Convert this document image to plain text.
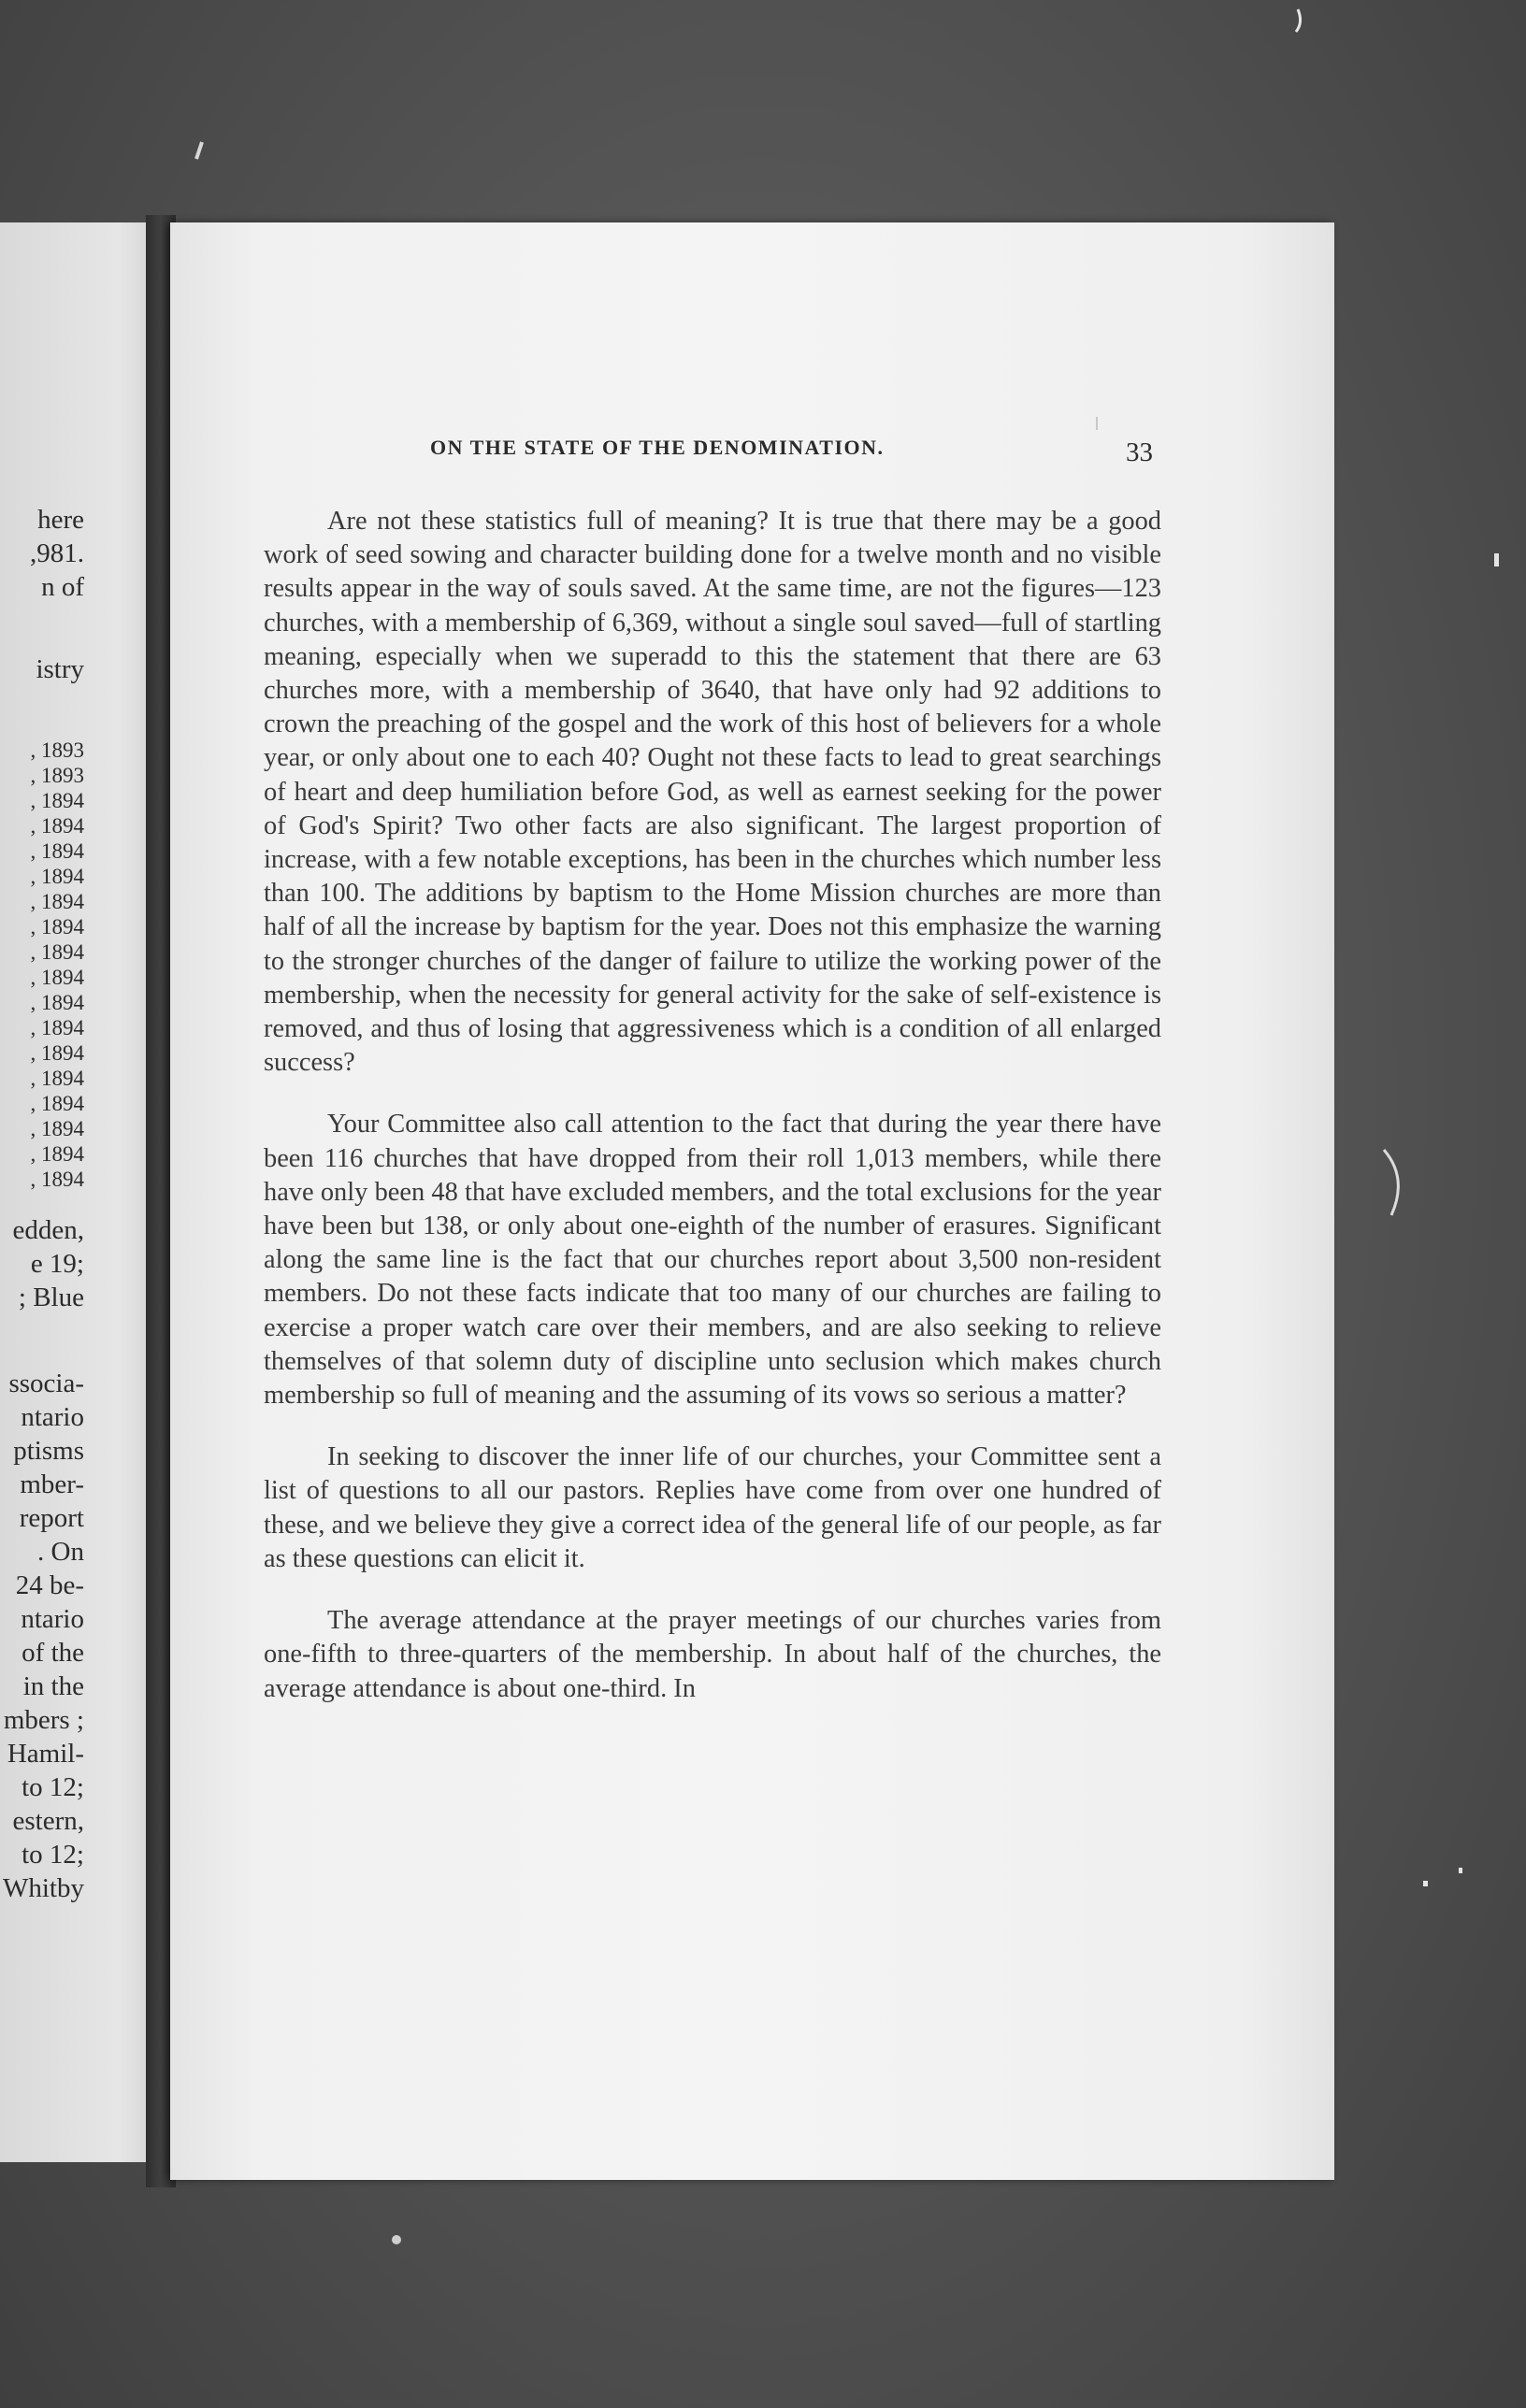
here
,981.
n of
istry
, 1893
, 1893
, 1894
, 1894
, 1894
, 1894
, 1894
, 1894
, 1894
, 1894
, 1894
, 1894
, 1894
, 1894
, 1894
, 1894
, 1894
, 1894
edden,
e 19;
; Blue
ssocia-
ntario
ptisms
mber-
report
. On
24 be-
ntario
of the
in the
mbers ;
Hamil-
to 12;
estern,
to 12;
Whitby
ON THE STATE OF THE DENOMINATION.	33

Are not these statistics full of meaning? It is true that there may be a good work of seed sowing and character building done for a twelve month and no visible results appear in the way of souls saved. At the same time, are not the figures—123 churches, with a membership of 6,369, without a single soul saved—full of startling meaning, especially when we superadd to this the statement that there are 63 churches more, with a membership of 3640, that have only had 92 additions to crown the preaching of the gospel and the work of this host of believers for a whole year, or only about one to each 40? Ought not these facts to lead to great searchings of heart and deep humiliation before God, as well as earnest seeking for the power of God's Spirit? Two other facts are also significant. The largest proportion of increase, with a few notable exceptions, has been in the churches which number less than 100. The additions by baptism to the Home Mission churches are more than half of all the increase by baptism for the year. Does not this emphasize the warning to the stronger churches of the danger of failure to utilize the working power of the membership, when the necessity for general activity for the sake of self-existence is removed, and thus of losing that aggressiveness which is a condition of all enlarged success?

Your Committee also call attention to the fact that during the year there have been 116 churches that have dropped from their roll 1,013 members, while there have only been 48 that have excluded members, and the total exclusions for the year have been but 138, or only about one-eighth of the number of erasures. Significant along the same line is the fact that our churches report about 3,500 non-resident members. Do not these facts indicate that too many of our churches are failing to exercise a proper watch care over their members, and are also seeking to relieve themselves of that solemn duty of discipline unto seclusion which makes church membership so full of meaning and the assuming of its vows so serious a matter?

In seeking to discover the inner life of our churches, your Committee sent a list of questions to all our pastors. Replies have come from over one hundred of these, and we believe they give a correct idea of the general life of our people, as far as these questions can elicit it.

The average attendance at the prayer meetings of our churches varies from one-fifth to three-quarters of the membership. In about half of the churches, the average attendance is about one-third. In
